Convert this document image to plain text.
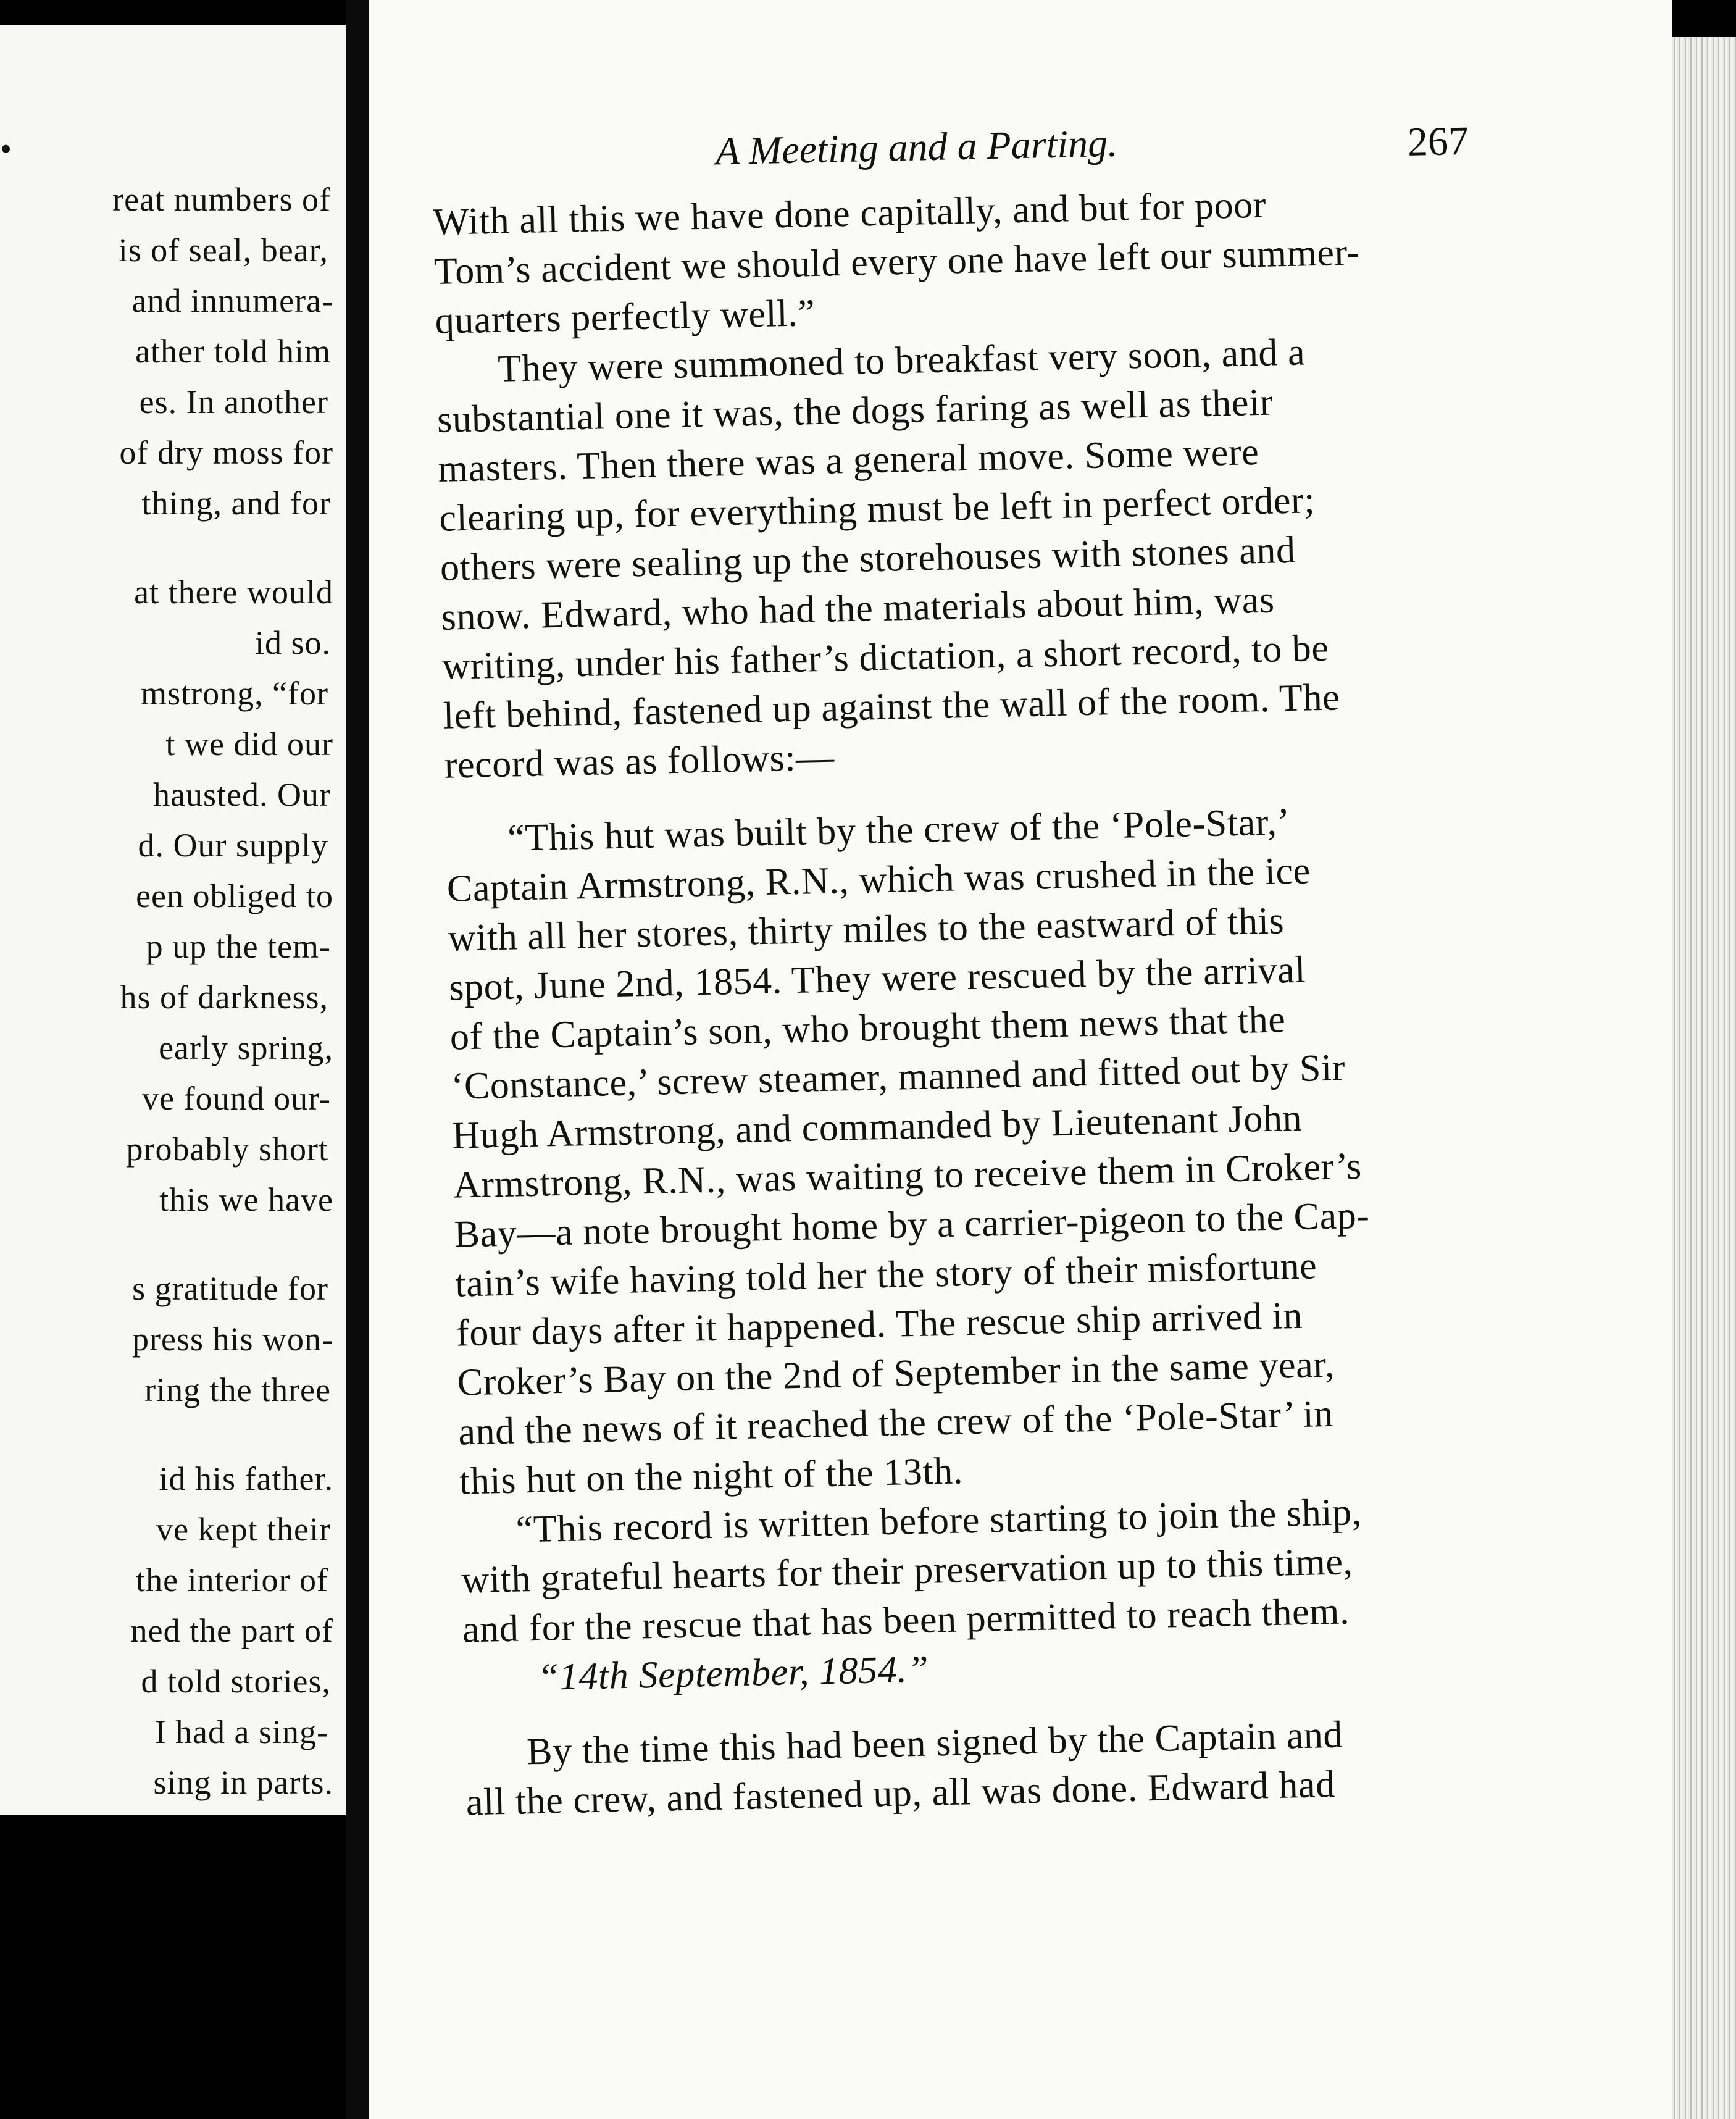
•
reat numbers of
is of seal, bear,
and innumera-
ather told him
es. In another
of dry moss for
thing, and for
at there would
id so.
mstrong, “for
t we did our
hausted. Our
d. Our supply
een obliged to
p up the tem-
hs of darkness,
early spring,
ve found our-
probably short
this we have
s gratitude for
press his won-
ring the three
id his father.
ve kept their
the interior of
ned the part of
d told stories,
I had a sing-
sing in parts.
A Meeting and a Parting.	267
With all this we have done capitally, and but for poor
Tom’s accident we should every one have left our summer-
quarters perfectly well.”
They were summoned to breakfast very soon, and a
substantial one it was, the dogs faring as well as their
masters. Then there was a general move. Some were
clearing up, for everything must be left in perfect order;
others were sealing up the storehouses with stones and
snow. Edward, who had the materials about him, was
writing, under his father’s dictation, a short record, to be
left behind, fastened up against the wall of the room. The
record was as follows:—
“This hut was built by the crew of the ‘Pole-Star,’
Captain Armstrong, R.N., which was crushed in the ice
with all her stores, thirty miles to the eastward of this
spot, June 2nd, 1854. They were rescued by the arrival
of the Captain’s son, who brought them news that the
‘Constance,’ screw steamer, manned and fitted out by Sir
Hugh Armstrong, and commanded by Lieutenant John
Armstrong, R.N., was waiting to receive them in Croker’s
Bay—a note brought home by a carrier-pigeon to the Cap-
tain’s wife having told her the story of their misfortune
four days after it happened. The rescue ship arrived in
Croker’s Bay on the 2nd of September in the same year,
and the news of it reached the crew of the ‘Pole-Star’ in
this hut on the night of the 13th.
“This record is written before starting to join the ship,
with grateful hearts for their preservation up to this time,
and for the rescue that has been permitted to reach them.
“14th September, 1854.”
By the time this had been signed by the Captain and
all the crew, and fastened up, all was done. Edward had
